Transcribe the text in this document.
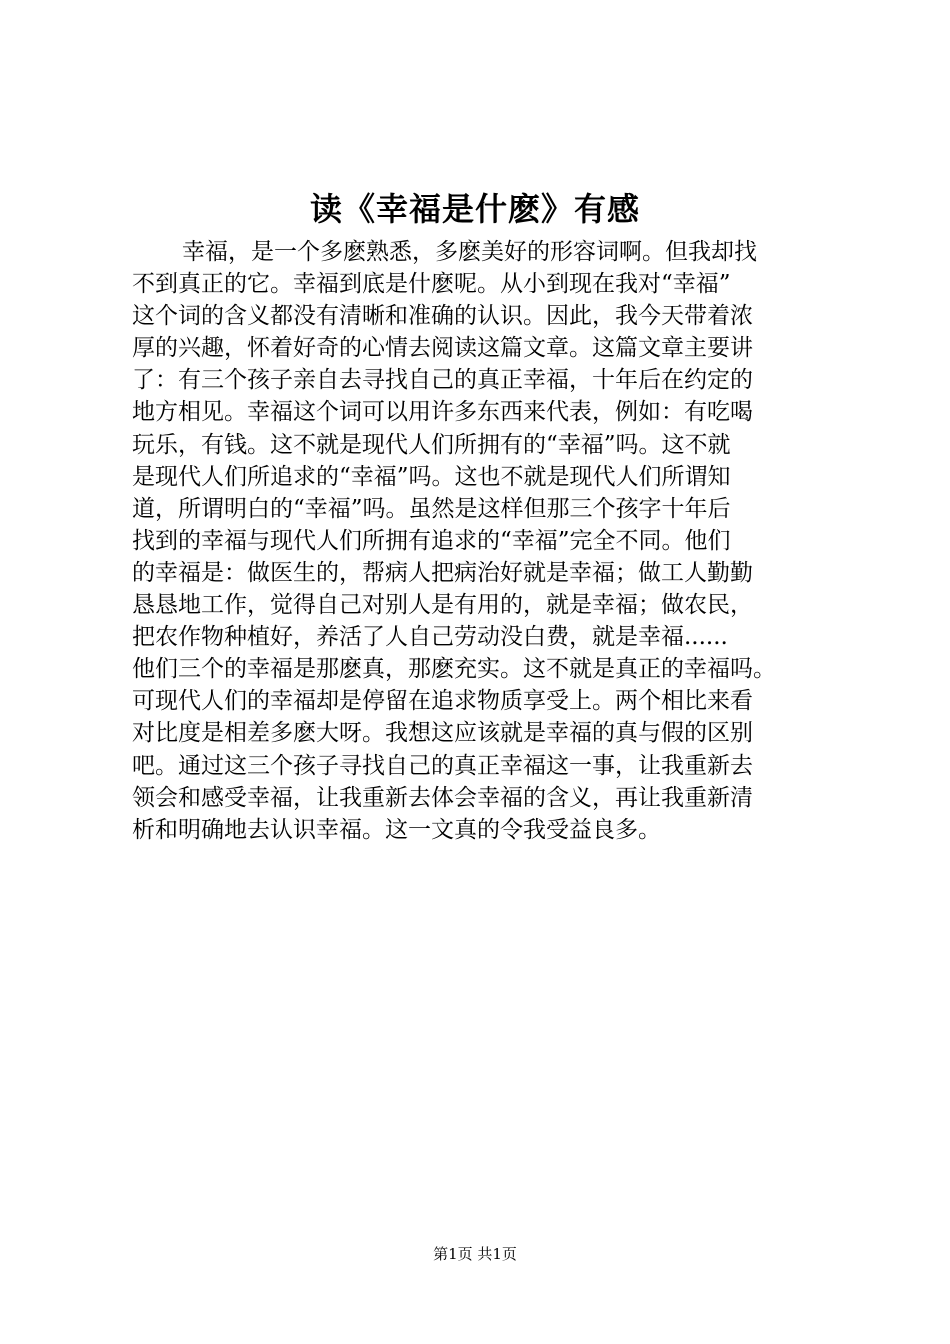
读《幸福是什麽》有感
幸福，是一个多麽熟悉，多麽美好的形容词啊。但我却找
不到真正的它。幸福到底是什麽呢。从小到现在我对“幸福”
这个词的含义都没有清晰和准确的认识。因此，我今天带着浓
厚的兴趣，怀着好奇的心情去阅读这篇文章。这篇文章主要讲
了：有三个孩子亲自去寻找自己的真正幸福，十年后在约定的
地方相见。幸福这个词可以用许多东西来代表，例如：有吃喝
玩乐，有钱。这不就是现代人们所拥有的“幸福”吗。这不就
是现代人们所追求的“幸福”吗。这也不就是现代人们所谓知
道，所谓明白的“幸福”吗。虽然是这样但那三个孩字十年后
找到的幸福与现代人们所拥有追求的“幸福”完全不同。他们
的幸福是：做医生的，帮病人把病治好就是幸福；做工人勤勤
恳恳地工作，觉得自己对别人是有用的，就是幸福；做农民，
把农作物种植好，养活了人自己劳动没白费，就是幸福......
他们三个的幸福是那麽真，那麽充实。这不就是真正的幸福吗。
可现代人们的幸福却是停留在追求物质享受上。两个相比来看
对比度是相差多麽大呀。我想这应该就是幸福的真与假的区别
吧。通过这三个孩子寻找自己的真正幸福这一事，让我重新去
领会和感受幸福，让我重新去体会幸福的含义，再让我重新清
析和明确地去认识幸福。这一文真的令我受益良多。
第1页 共1页
